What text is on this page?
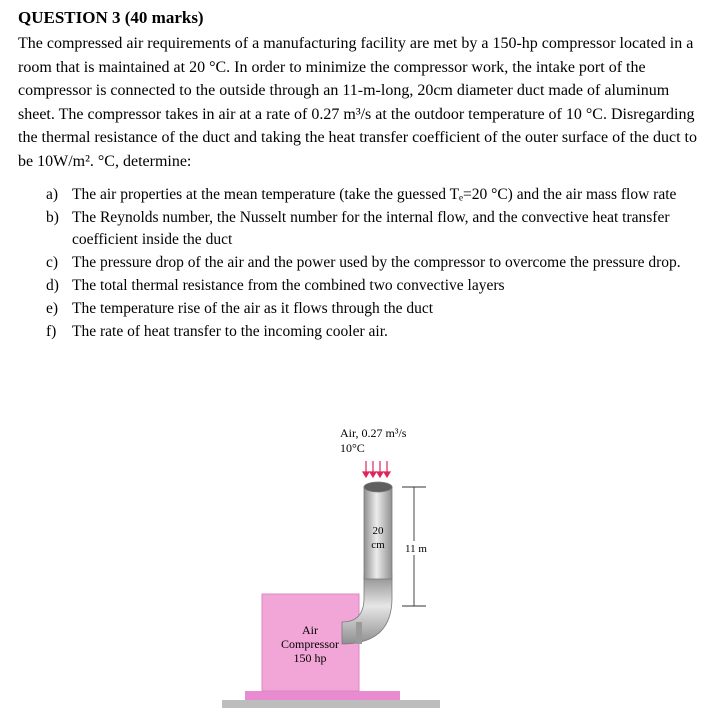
QUESTION 3 (40 marks)

The compressed air requirements of a manufacturing facility are met by a 150-hp compressor located in a room that is maintained at 20 °C. In order to minimize the compressor work, the intake port of the compressor is connected to the outside through an 11-m-long, 20cm diameter duct made of aluminum sheet. The compressor takes in air at a rate of 0.27 m³/s at the outdoor temperature of 10 °C. Disregarding the thermal resistance of the duct and taking the heat transfer coefficient of the outer surface of the duct to be 10W/m². °C, determine:

a) The air properties at the mean temperature (take the guessed Tₑ=20 °C) and the air mass flow rate
b) The Reynolds number, the Nusselt number for the internal flow, and the convective heat transfer coefficient inside the duct
c) The pressure drop of the air and the power used by the compressor to overcome the pressure drop.
d) The total thermal resistance from the combined two convective layers
e) The temperature rise of the air as it flows through the duct
f) The rate of heat transfer to the incoming cooler air.
Air, 0.27 m³/s
10°C
20
cm 11 m
Air
Compressor
150 hp
